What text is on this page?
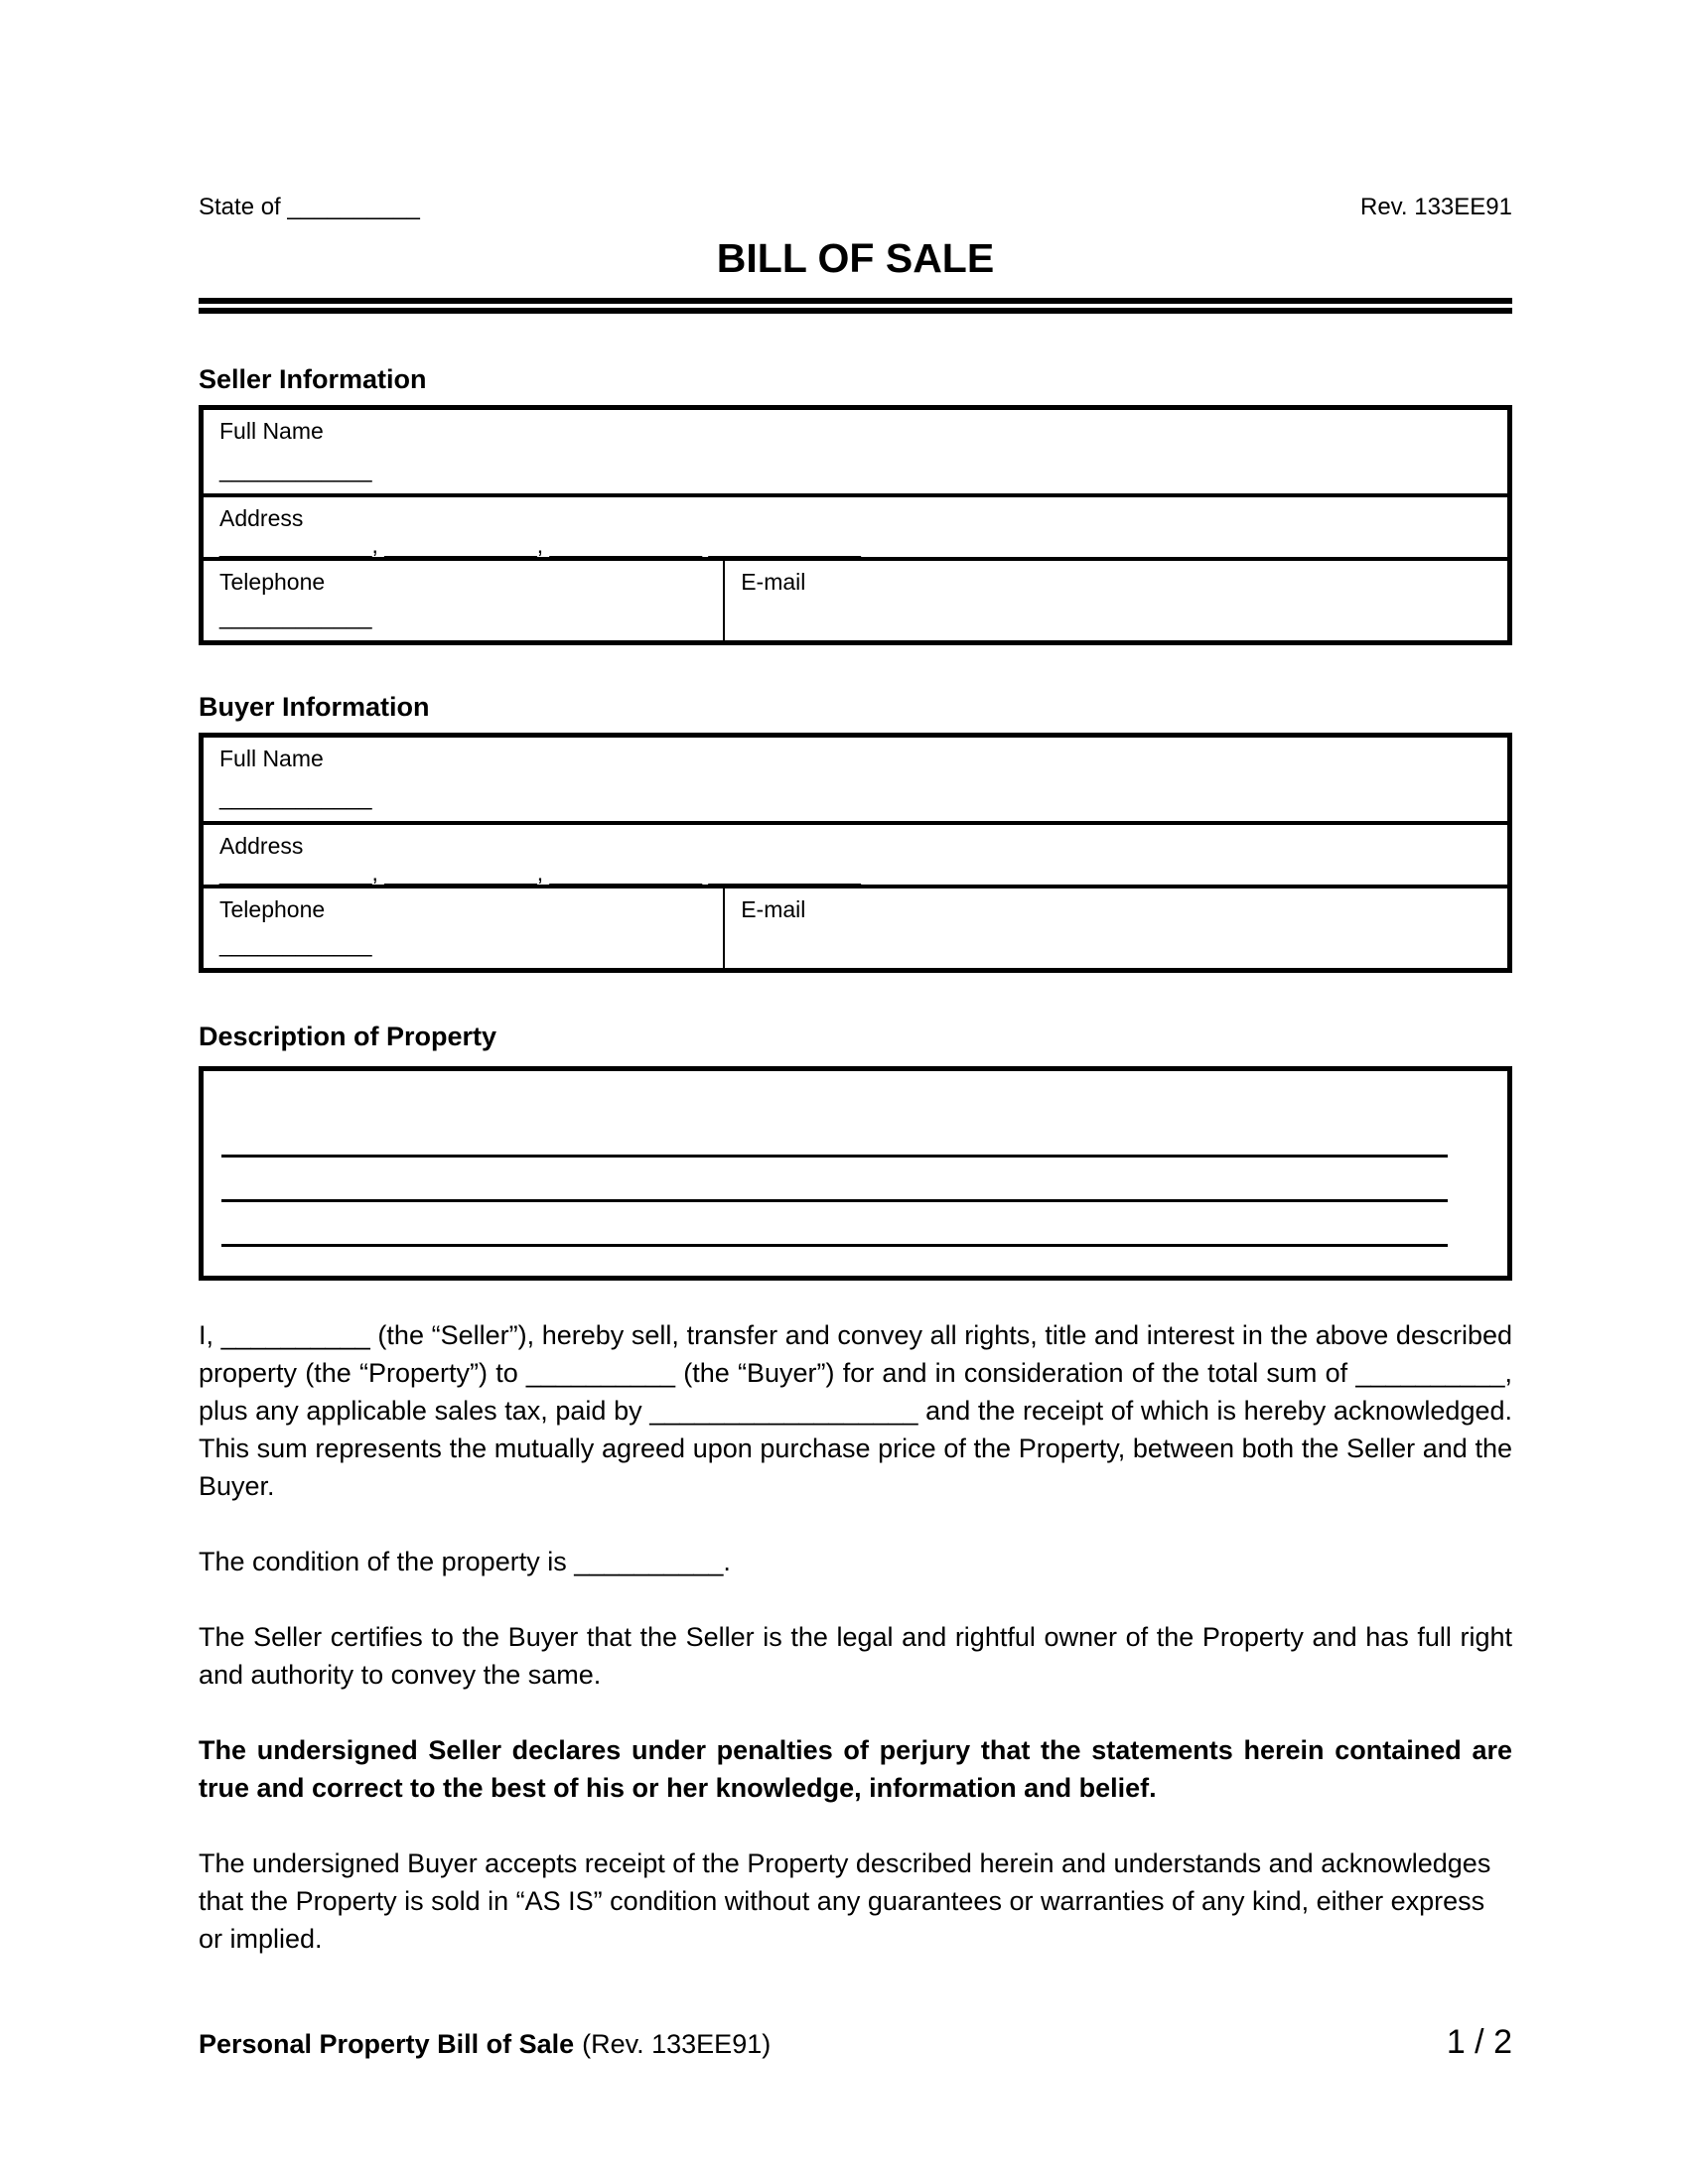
State of __________	Rev. 133EE91
BILL OF SALE
Seller Information
Full Name
____________
Address
____________, ____________, ____________ ____________
Telephone
____________
E-mail
Buyer Information
Full Name
____________
Address
____________, ____________, ____________ ____________
Telephone
____________
E-mail
Description of Property

I, __________ (the “Seller”), hereby sell, transfer and convey all rights, title and interest in the above described property (the “Property”) to __________ (the “Buyer”) for and in consideration of the total sum of __________, plus any applicable sales tax, paid by __________________ and the receipt of which is hereby acknowledged. This sum represents the mutually agreed upon purchase price of the Property, between both the Seller and the Buyer.

The condition of the property is __________.

The Seller certifies to the Buyer that the Seller is the legal and rightful owner of the Property and has full right and authority to convey the same.

The undersigned Seller declares under penalties of perjury that the statements herein contained are true and correct to the best of his or her knowledge, information and belief.

The undersigned Buyer accepts receipt of the Property described herein and understands and acknowledges that the Property is sold in “AS IS” condition without any guarantees or warranties of any kind, either express or implied.

Personal Property Bill of Sale (Rev. 133EE91)	1 / 2
